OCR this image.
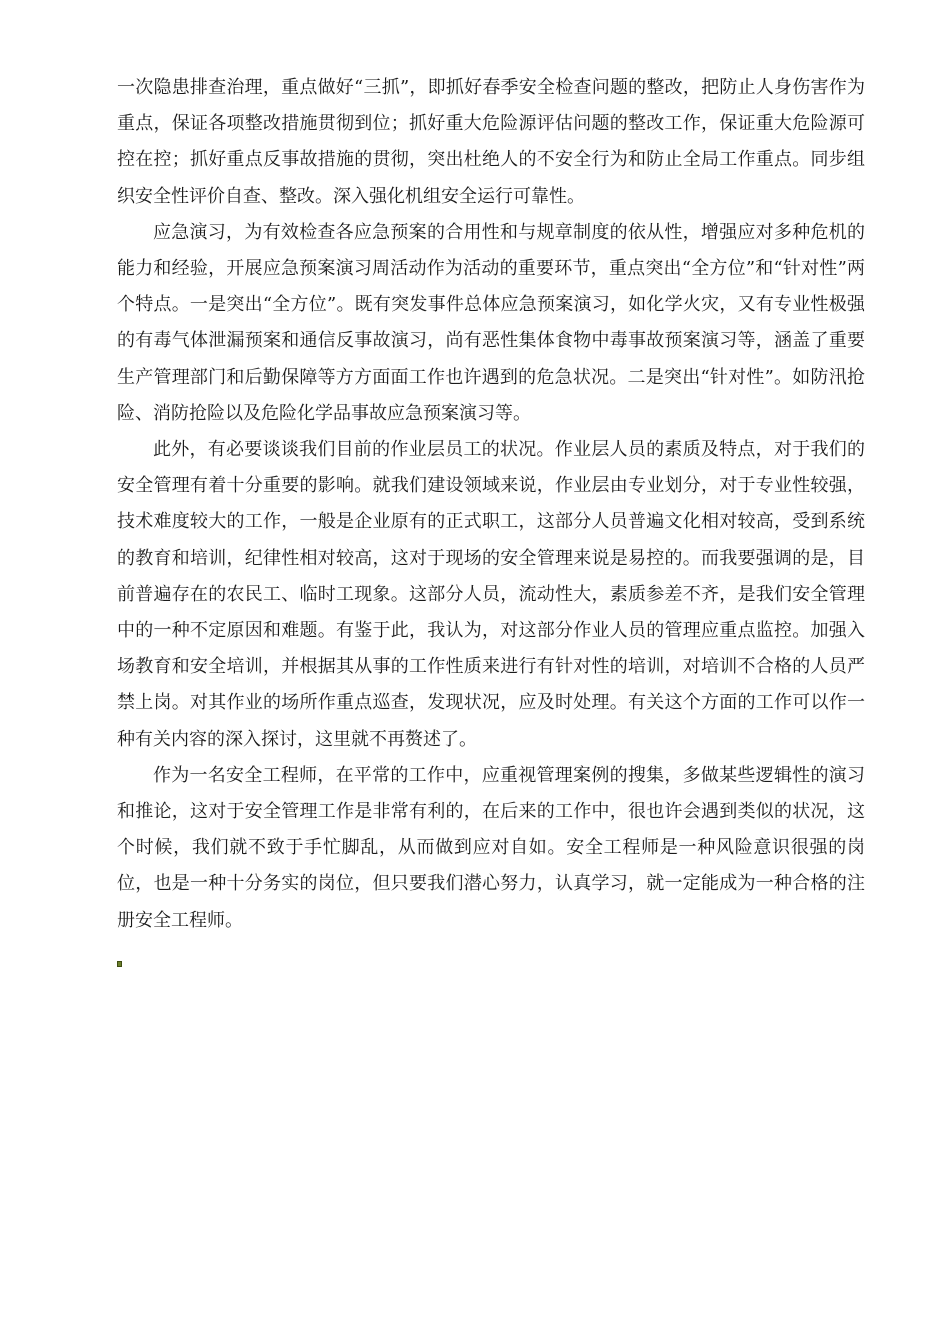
一次隐患排查治理，重点做好“三抓”，即抓好春季安全检查问题的整改，把防止人身伤害作为重点，保证各项整改措施贯彻到位；抓好重大危险源评估问题的整改工作，保证重大危险源可控在控；抓好重点反事故措施的贯彻，突出杜绝人的不安全行为和防止全局工作重点。同步组织安全性评价自查、整改。深入强化机组安全运行可靠性。

应急演习，为有效检查各应急预案的合用性和与规章制度的依从性，增强应对多种危机的能力和经验，开展应急预案演习周活动作为活动的重要环节，重点突出“全方位”和“针对性”两个特点。一是突出“全方位”。既有突发事件总体应急预案演习，如化学火灾，又有专业性极强的有毒气体泄漏预案和通信反事故演习，尚有恶性集体食物中毒事故预案演习等，涵盖了重要生产管理部门和后勤保障等方方面面工作也许遇到的危急状况。二是突出“针对性”。如防汛抢险、消防抢险以及危险化学品事故应急预案演习等。

此外，有必要谈谈我们目前的作业层员工的状况。作业层人员的素质及特点，对于我们的安全管理有着十分重要的影响。就我们建设领域来说，作业层由专业划分，对于专业性较强，技术难度较大的工作，一般是企业原有的正式职工，这部分人员普遍文化相对较高，受到系统的教育和培训，纪律性相对较高，这对于现场的安全管理来说是易控的。而我要强调的是，目前普遍存在的农民工、临时工现象。这部分人员，流动性大，素质参差不齐，是我们安全管理中的一种不定原因和难题。有鉴于此，我认为，对这部分作业人员的管理应重点监控。加强入场教育和安全培训，并根据其从事的工作性质来进行有针对性的培训，对培训不合格的人员严禁上岗。对其作业的场所作重点巡查，发现状况，应及时处理。有关这个方面的工作可以作一种有关内容的深入探讨，这里就不再赘述了。

作为一名安全工程师，在平常的工作中，应重视管理案例的搜集，多做某些逻辑性的演习和推论，这对于安全管理工作是非常有利的，在后来的工作中，很也许会遇到类似的状况，这个时候，我们就不致于手忙脚乱，从而做到应对自如。安全工程师是一种风险意识很强的岗位，也是一种十分务实的岗位，但只要我们潜心努力，认真学习，就一定能成为一种合格的注册安全工程师。
